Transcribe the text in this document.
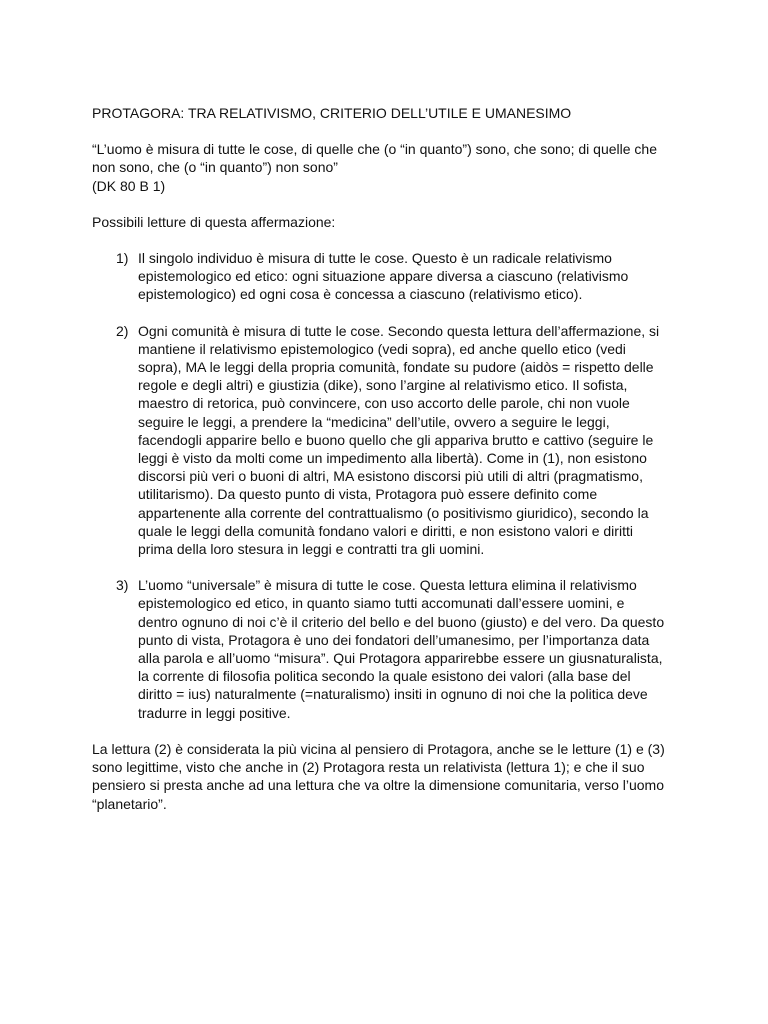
PROTAGORA: TRA RELATIVISMO, CRITERIO DELL’UTILE E UMANESIMO
“L’uomo è misura di tutte le cose, di quelle che (o “in quanto”) sono, che sono; di quelle che non sono, che (o “in quanto”) non sono”
(DK 80 B 1)
Possibili letture di questa affermazione:
1) Il singolo individuo è misura di tutte le cose. Questo è un radicale relativismo epistemologico ed etico: ogni situazione appare diversa a ciascuno (relativismo epistemologico) ed ogni cosa è concessa a ciascuno (relativismo etico).
2) Ogni comunità è misura di tutte le cose. Secondo questa lettura dell’affermazione, si mantiene il relativismo epistemologico (vedi sopra), ed anche quello etico (vedi sopra), MA le leggi della propria comunità, fondate su pudore (aidòs = rispetto delle regole e degli altri) e giustizia (dike), sono l’argine al relativismo etico. Il sofista, maestro di retorica, può convincere, con uso accorto delle parole, chi non vuole seguire le leggi, a prendere la “medicina” dell’utile, ovvero a seguire le leggi, facendogli apparire bello e buono quello che gli appariva brutto e cattivo (seguire le leggi è visto da molti come un impedimento alla libertà). Come in (1), non esistono discorsi più veri o buoni di altri, MA esistono discorsi più utili di altri (pragmatismo, utilitarismo). Da questo punto di vista, Protagora può essere definito come appartenente alla corrente del contrattualismo (o positivismo giuridico), secondo la quale le leggi della comunità fondano valori e diritti, e non esistono valori e diritti prima della loro stesura in leggi e contratti tra gli uomini.
3) L’uomo “universale” è misura di tutte le cose. Questa lettura elimina il relativismo epistemologico ed etico, in quanto siamo tutti accomunati dall’essere uomini, e dentro ognuno di noi c’è il criterio del bello e del buono (giusto) e del vero. Da questo punto di vista, Protagora è uno dei fondatori dell’umanesimo, per l’importanza data alla parola e all’uomo “misura”. Qui Protagora apparirebbe essere un giusnaturalista, la corrente di filosofia politica secondo la quale esistono dei valori (alla base del diritto = ius) naturalmente (=naturalismo) insiti in ognuno di noi che la politica deve tradurre in leggi positive.
La lettura (2) è considerata la più vicina al pensiero di Protagora, anche se le letture (1) e (3) sono legittime, visto che anche in (2) Protagora resta un relativista (lettura 1); e che il suo pensiero si presta anche ad una lettura che va oltre la dimensione comunitaria, verso l’uomo “planetario”.
